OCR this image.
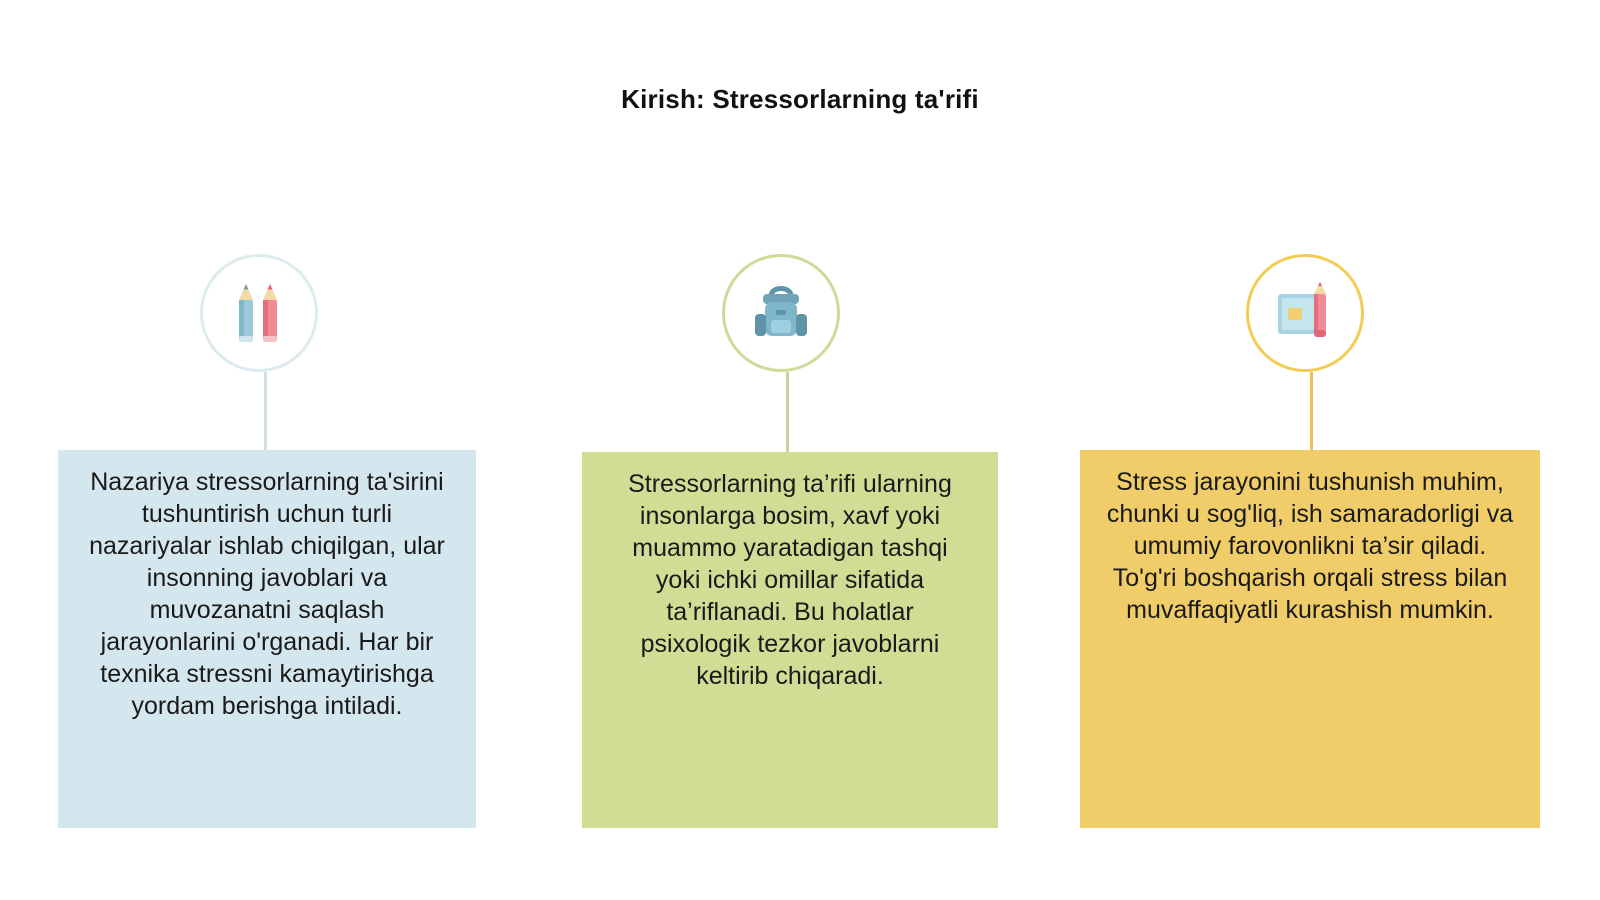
Kirish: Stressorlarning ta'rifi
Nazariya stressorlarning ta'sirini tushuntirish uchun turli nazariyalar ishlab chiqilgan, ular insonning javoblari va muvozanatni saqlash jarayonlarini o'rganadi. Har bir texnika stressni kamaytirishga yordam berishga intiladi.
Stressorlarning ta’rifi ularning insonlarga bosim, xavf yoki muammo yaratadigan tashqi yoki ichki omillar sifatida ta’riflanadi. Bu holatlar psixologik tezkor javoblarni keltirib chiqaradi.
Stress jarayonini tushunish muhim, chunki u sog'liq, ish samaradorligi va umumiy farovonlikni ta’sir qiladi. To'g'ri boshqarish orqali stress bilan muvaffaqiyatli kurashish mumkin.
